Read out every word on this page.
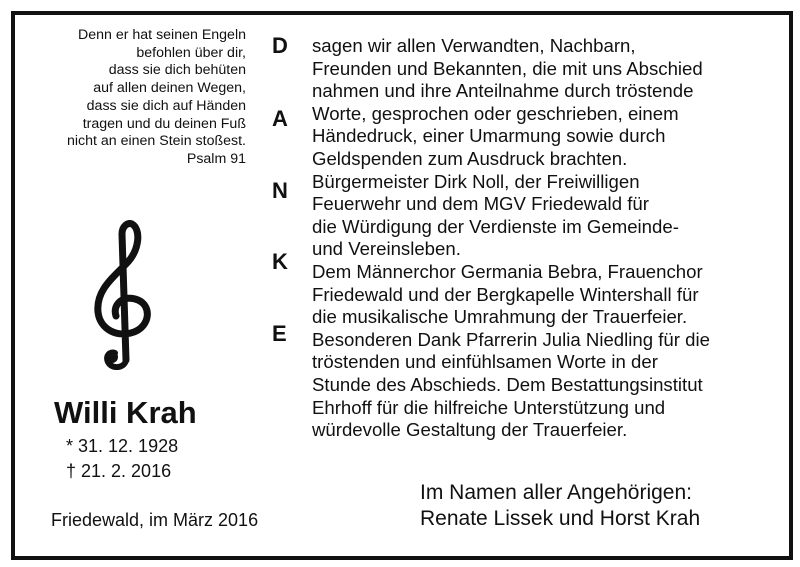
Denn er hat seinen Engeln
befohlen über dir,
dass sie dich behüten
auf allen deinen Wegen,
dass sie dich auf Händen
tragen und du deinen Fuß
nicht an einen Stein stoßest.
Psalm 91
Willi Krah
* 31. 12. 1928
† 21. 2. 2016
Friedewald, im März 2016
D
A
N
K
E
sagen wir allen Verwandten, Nachbarn,
Freunden und Bekannten, die mit uns Abschied
nahmen und ihre Anteilnahme durch tröstende
Worte, gesprochen oder geschrieben, einem
Händedruck, einer Umarmung sowie durch
Geldspenden zum Ausdruck brachten.
Bürgermeister Dirk Noll, der Freiwilligen
Feuerwehr und dem MGV Friedewald für
die Würdigung der Verdienste im Gemeinde-
und Vereinsleben.
Dem Männerchor Germania Bebra, Frauenchor
Friedewald und der Bergkapelle Wintershall für
die musikalische Umrahmung der Trauerfeier.
Besonderen Dank Pfarrerin Julia Niedling für die
tröstenden und einfühlsamen Worte in der
Stunde des Abschieds. Dem Bestattungsinstitut
Ehrhoff für die hilfreiche Unterstützung und
würdevolle Gestaltung der Trauerfeier.
Im Namen aller Angehörigen:
Renate Lissek und Horst Krah
